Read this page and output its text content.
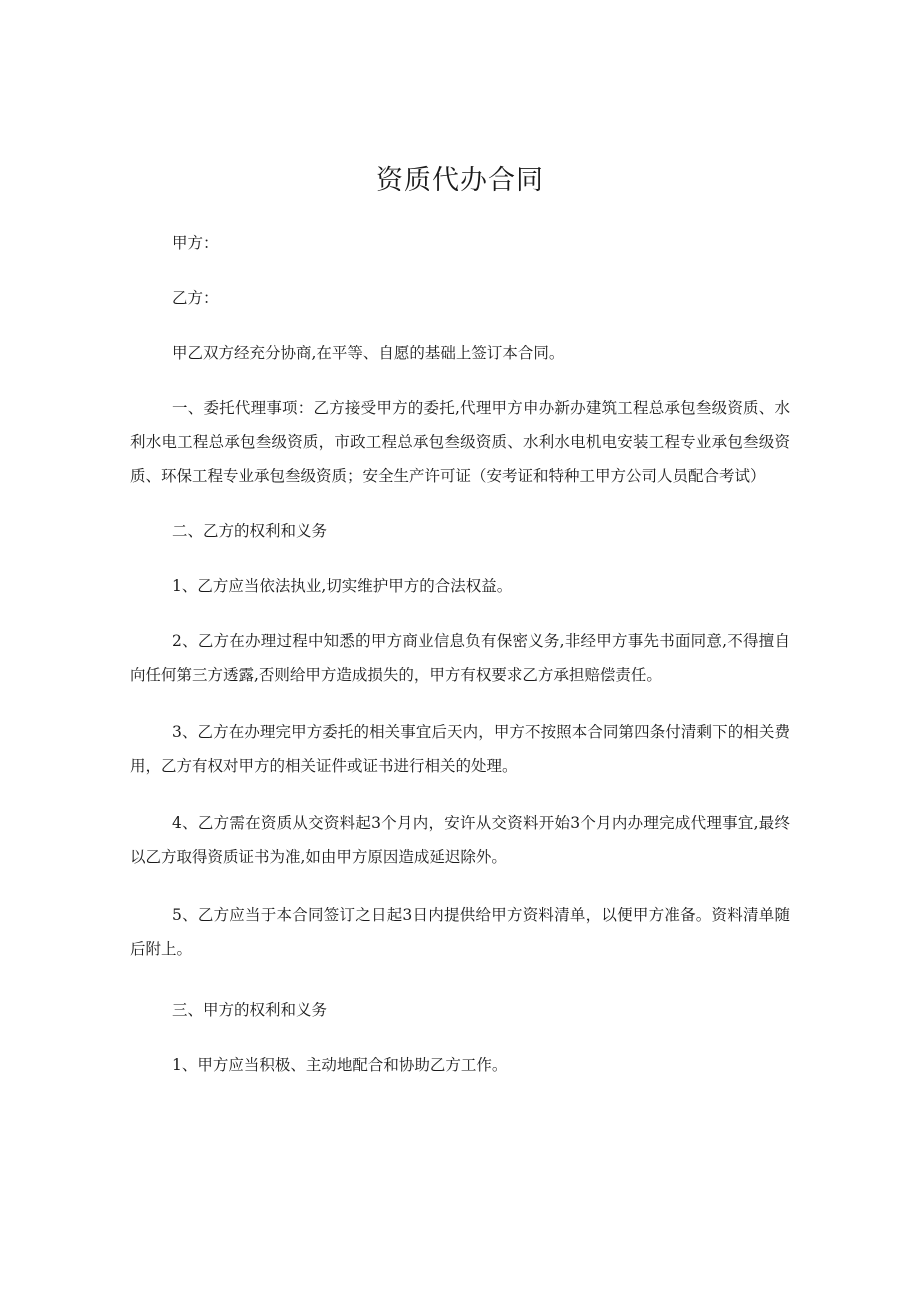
资质代办合同

甲方：

乙方：

甲乙双方经充分协商,在平等、自愿的基础上签订本合同。

一、委托代理事项：乙方接受甲方的委托,代理甲方申办新办建筑工程总承包叁级资质、水利水电工程总承包叁级资质，市政工程总承包叁级资质、水利水电机电安装工程专业承包叁级资质、环保工程专业承包叁级资质；安全生产许可证（安考证和特种工甲方公司人员配合考试）

二、乙方的权利和义务

1、乙方应当依法执业,切实维护甲方的合法权益。

2、乙方在办理过程中知悉的甲方商业信息负有保密义务,非经甲方事先书面同意,不得擅自向任何第三方透露,否则给甲方造成损失的，甲方有权要求乙方承担赔偿责任。

3、乙方在办理完甲方委托的相关事宜后天内，甲方不按照本合同第四条付清剩下的相关费用，乙方有权对甲方的相关证件或证书进行相关的处理。

4、乙方需在资质从交资料起3个月内，安许从交资料开始3个月内办理完成代理事宜,最终以乙方取得资质证书为准,如由甲方原因造成延迟除外。

5、乙方应当于本合同签订之日起3日内提供给甲方资料清单，以便甲方准备。资料清单随后附上。

三、甲方的权利和义务

1、甲方应当积极、主动地配合和协助乙方工作。
